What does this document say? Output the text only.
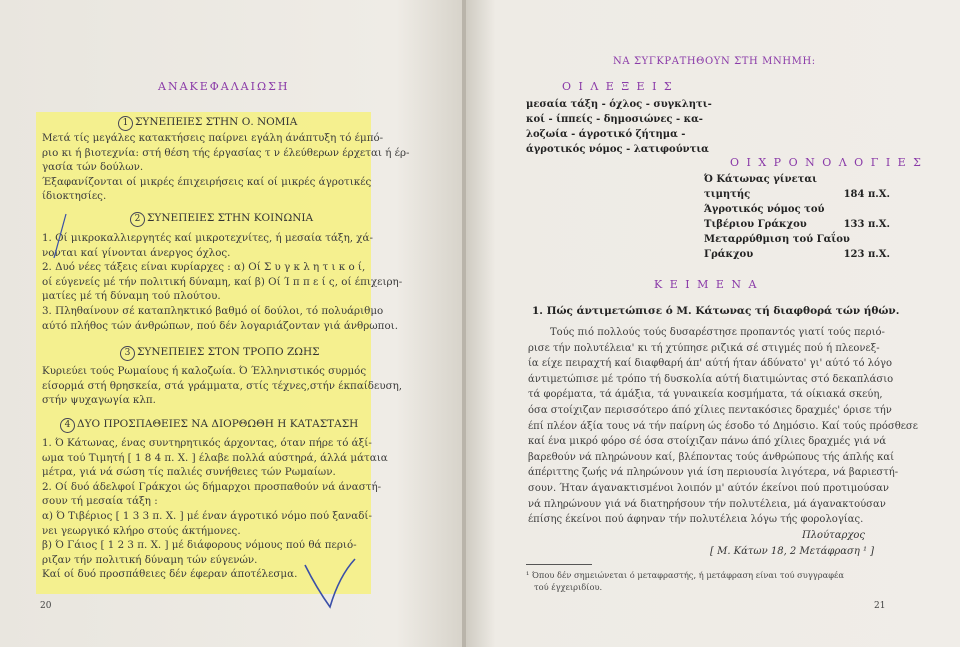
ΑΝΑΚΕΦΑΛΑΙΩΣΗ
1 ΣΥΝΕΠΕΙΕΣ ΣΤΗΝ Ο. ΝΟΜΙΑ
Μετά τίς μεγάλες κατακτήσεις παίρνει εγάλη άνάπτυξη τό έμπό-
ριο κι ή βιοτεχνία: στή θέση τής έργασίας τ ν έλεύθερων έρχεται ή έρ-
γασία τών δούλων.
Έξαφανίζονται οί μικρές έπιχειρήσεις καί οί μικρές άγροτικές
ίδιοκτησίες.
2 ΣΥΝΕΠΕΙΕΣ ΣΤΗΝ ΚΟΙΝΩΝΙΑ
1. Οί μικροκαλλιεργητές καί μικροτεχνίτες, ή μεσαία τάξη, χά-
νονται καί γίνονται άνεργος όχλος.
2. Δυό νέες τάξεις είναι κυρίαρχες : α) Οί Σ υ γ κ λ η τ ι κ ο ί,
οί εύγενείς μέ τήν πολιτική δύναμη, καί β) Οί Ί π π ε ί ς, οί έπιχειρη-
ματίες μέ τή δύναμη τού πλούτου.
3. Πληθαίνουν σέ καταπληκτικό βαθμό οί δούλοι, τό πολυάριθμο
αύτό πλήθος τών άνθρώπων, πού δέν λογαριάζονταν γιά άνθρωποι.
3 ΣΥΝΕΠΕΙΕΣ ΣΤΟΝ ΤΡΟΠΟ ΖΩΗΣ
Κυριεύει τούς Ρωμαίους ή καλοζωία. Ό Έλληνιστικός συρμός
είσορμά στή θρησκεία, στά γράμματα, στίς τέχνες,στήν έκπαίδευση,
στήν ψυχαγωγία κλπ.
4 ΔΥΟ ΠΡΟΣΠΑΘΕΙΕΣ ΝΑ ΔΙΟΡΘΩΘΗ Η ΚΑΤΑΣΤΑΣΗ
1. Ό Κάτωνας, ένας συντηρητικός άρχοντας, όταν πήρε τό άξί-
ωμα τού Τιμητή [ 1 8 4 π. Χ. ] έλαβε πολλά αύστηρά, άλλά μάταια
μέτρα, γιά νά σώση τίς παλιές συνήθειες τών Ρωμαίων.
2. Οί δυό άδελφοί Γράκχοι ώς δήμαρχοι προσπαθούν νά άναστή-
σουν τή μεσαία τάξη :
α) Ό Τιβέριος [ 1 3 3 π. Χ. ] μέ έναν άγροτικό νόμο πού ξαναδί-
νει γεωργικό κλήρο στούς άκτήμονες.
β) Ό Γάιος [ 1 2 3 π. Χ. ] μέ διάφορους νόμους πού θά περιό-
ριζαν τήν πολιτική δύναμη τών εύγενών.
Καί οί δυό προσπάθειες δέν έφεραν άποτέλεσμα.
20
ΝΑ ΣΥΓΚΡΑΤΗΘΟΥΝ ΣΤΗ ΜΝΗΜΗ:
Ο Ι Λ Ε Ξ Ε Ι Σ
μεσαία τάξη - όχλος - συγκλητι-
κοί - ίππείς - δημοσιώνες - κα-
λοζωία - άγροτικό ζήτημα -
άγροτικός νόμος - λατιφούντια
Ο Ι Χ Ρ Ο Ν Ο Λ Ο Γ Ι Ε Σ
Ό Κάτωνας γίνεται
τιμητής	184 π.Χ.
Άγροτικός νόμος τού
Τιβέριου Γράκχου	133 π.Χ.
Μεταρρύθμιση τού Γαΐου
Γράκχου	123 π.Χ.
Κ Ε Ι Μ Ε Ν Α
1. Πώς άντιμετώπισε ό Μ. Κάτωνας τή διαφθορά τών ήθών.
Τούς πιό πολλούς τούς δυσαρέστησε προπαντός γιατί τούς περιό-
ρισε τήν πολυτέλεια' κι τή χτύπησε ριζικά σέ στιγμές πού ή πλεονεξ-
ία είχε πειραχτή καί διαφθαρή άπ' αύτή ήταν άδύνατο' γι' αύτό τό λόγο
άντιμετώπισε μέ τρόπο τή δυσκολία αύτή διατιμώντας στό δεκαπλάσιο
τά φορέματα, τά άμάξια, τά γυναικεία κοσμήματα, τά οίκιακά σκεύη,
όσα στοίχιζαν περισσότερο άπό χίλιες πεντακόσιες δραχμές' όρισε τήν
έπί πλέον άξία τους νά τήν παίρνη ώς έσοδο τό Δημόσιο. Καί τούς πρόσθεσε
καί ένα μικρό φόρο σέ όσα στοίχιζαν πάνω άπό χίλιες δραχμές γιά νά
βαρεθούν νά πληρώνουν καί, βλέποντας τούς άνθρώπους τής άπλής καί
άπέριττης ζωής νά πληρώνουν γιά ίση περιουσία λιγότερα, νά βαριεστή-
σουν. Ήταν άγανακτισμένοι λοιπόν μ' αύτόν έκείνοι πού προτιμούσαν
νά πληρώνουν γιά νά διατηρήσουν τήν πολυτέλεια, μά άγανακτούσαν
έπίσης έκείνοι πού άφηναν τήν πολυτέλεια λόγω τής φορολογίας.
Πλούταρχος
[ Μ. Κάτων 18, 2 Μετάφραση ¹ ]
¹ Όπου δέν σημειώνεται ό μεταφραστής, ή μετάφραση είναι τού συγγραφέα
τού έγχειριδίου.
21
